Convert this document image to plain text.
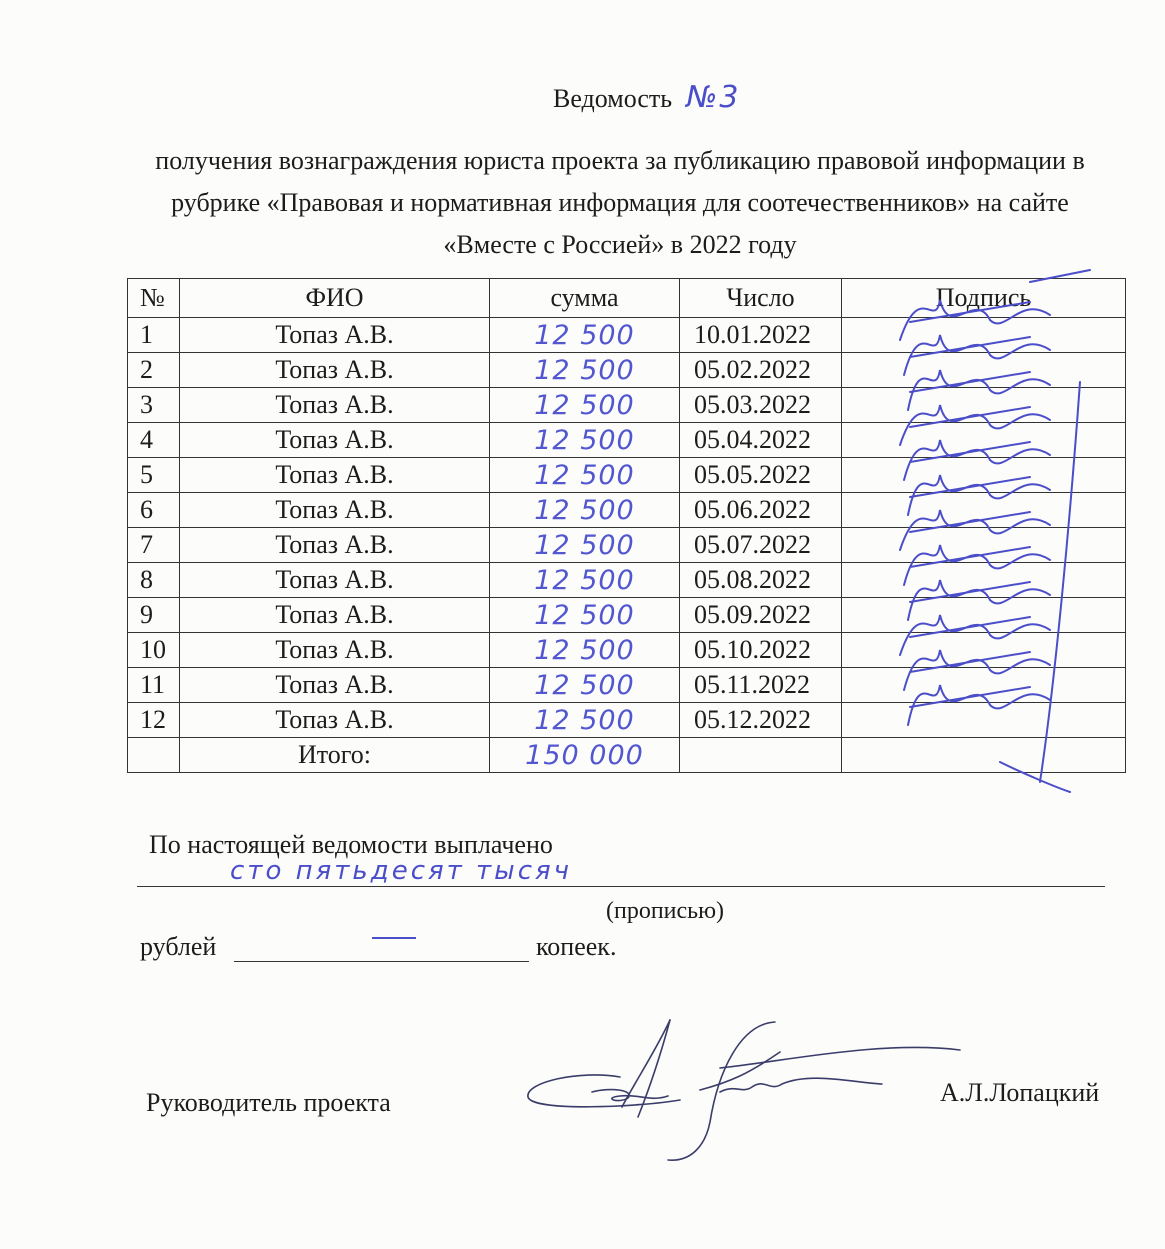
Ведомость №3
получения вознаграждения юриста проекта за публикацию правовой информации в рубрике «Правовая и нормативная информация для соотечественников» на сайте «Вместе с Россией» в 2022 году
№	ФИО	сумма	Число	Подпись
1	Топаз А.В.	12 500	10.01.2022	
2	Топаз А.В.	12 500	05.02.2022	
3	Топаз А.В.	12 500	05.03.2022	
4	Топаз А.В.	12 500	05.04.2022	
5	Топаз А.В.	12 500	05.05.2022	
6	Топаз А.В.	12 500	05.06.2022	
7	Топаз А.В.	12 500	05.07.2022	
8	Топаз А.В.	12 500	05.08.2022	
9	Топаз А.В.	12 500	05.09.2022	
10	Топаз А.В.	12 500	05.10.2022	
11	Топаз А.В.	12 500	05.11.2022	
12	Топаз А.В.	12 500	05.12.2022	
	Итого:	150 000		
По настоящей ведомости выплачено
сто пятьдесят тысяч
(прописью)
рублей	копеек.
Руководитель проекта	А.Л.Лопацкий
